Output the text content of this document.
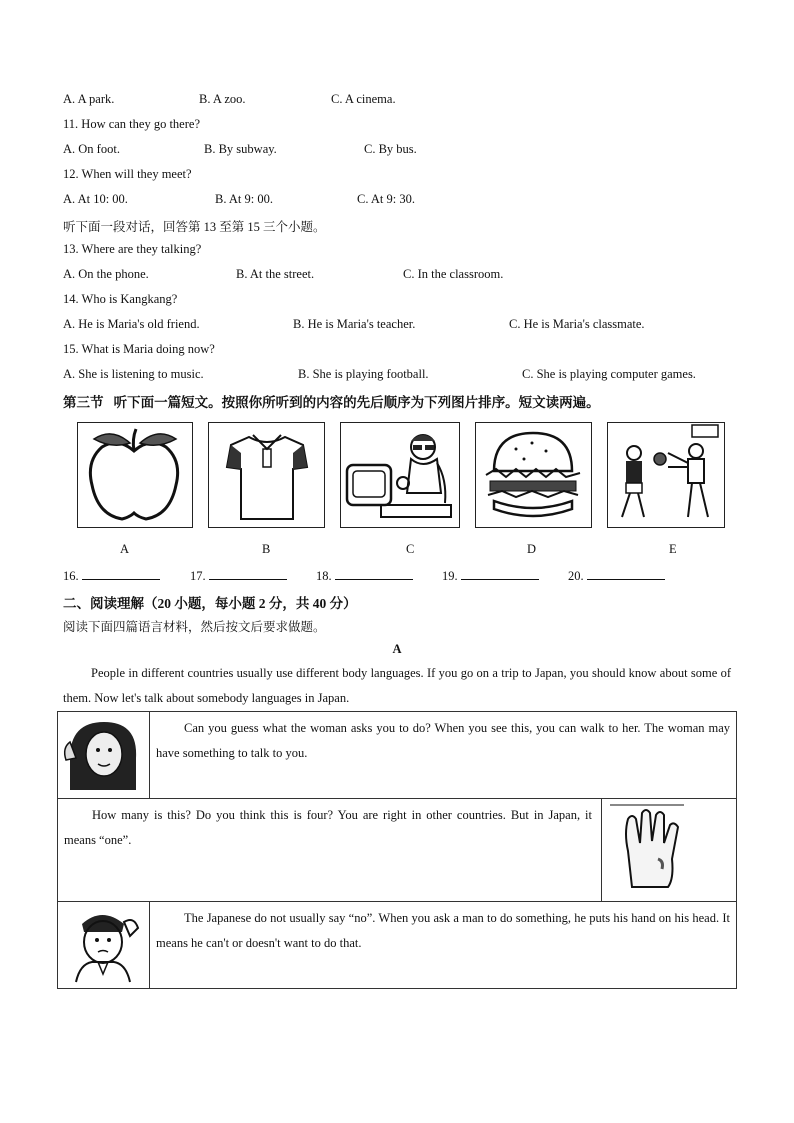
A. A park.	B. A zoo.	C. A cinema.
11. How can they go there?
A. On foot.	B. By subway.	C. By bus.
12. When will they meet?
A. At 10: 00.	B. At 9: 00.	C. At 9: 30.
听下面一段对话，回答第 13 至第 15 三个小题。
13. Where are they talking?
A. On the phone.	B. At the street.	C. In the classroom.
14. Who is Kangkang?
A. He is Maria's old friend.	B. He is Maria's teacher.	C. He is Maria's classmate.
15. What is Maria doing now?
A. She is listening to music.	B. She is playing football.	C. She is playing computer games.
第三节   听下面一篇短文。按照你所听到的内容的先后顺序为下列图片排序。短文读两遍。
A	B	C	D	E
16.	17.	18.	19.	20.
二、阅读理解（20 小题，每小题 2 分，共 40 分）
阅读下面四篇语言材料，然后按文后要求做题。
A
People in different countries usually use different body languages. If you go on a trip to Japan, you should know about some of them. Now let's talk about somebody languages in Japan.

Can you guess what the woman asks you to do? When you see this, you can walk to her. The woman may have something to talk to you.

How many is this? Do you think this is four? You are right in other countries. But in Japan, it means “one”.	

The Japanese do not usually say “no”. When you ask a man to do something, he puts his hand on his head. It means he can't or doesn't want to do that.
